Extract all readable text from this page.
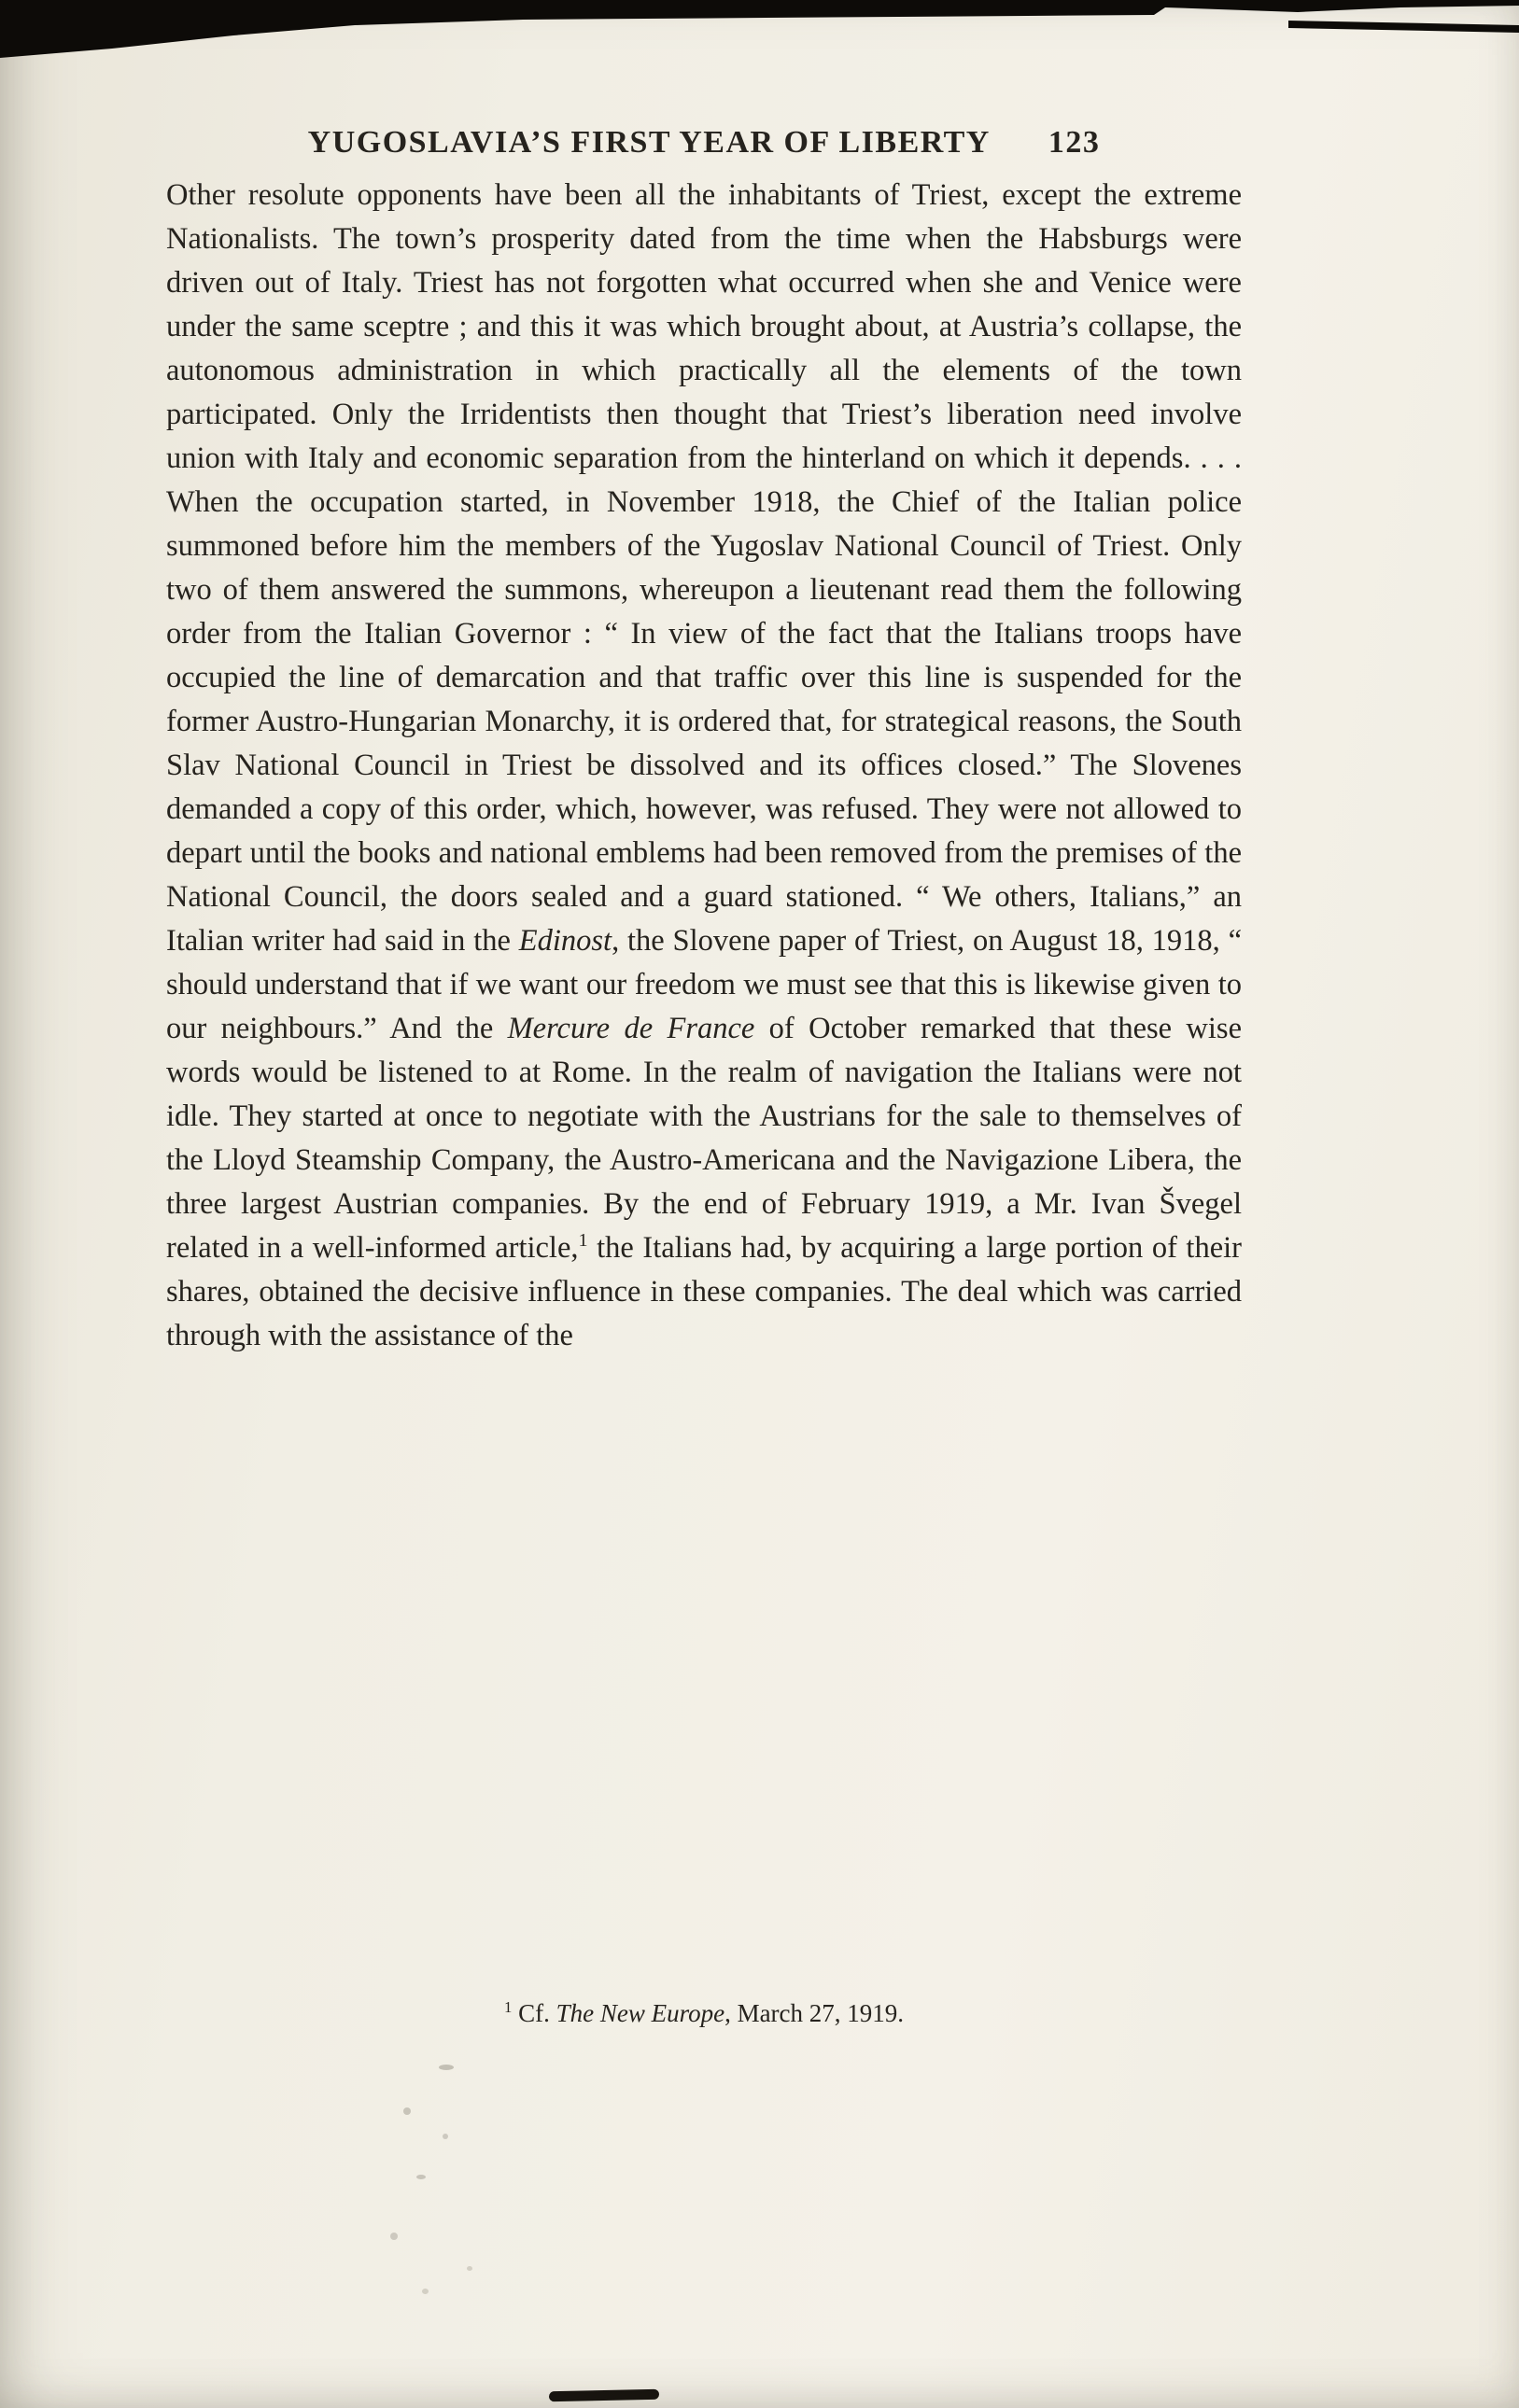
YUGOSLAVIA’S FIRST YEAR OF LIBERTY 123

Other resolute opponents have been all the inhabitants of Triest, except the extreme Nationalists. The town’s prosperity dated from the time when the Habsburgs were driven out of Italy. Triest has not forgotten what occurred when she and Venice were under the same sceptre ; and this it was which brought about, at Austria’s collapse, the autonomous administration in which practically all the elements of the town participated. Only the Irridentists then thought that Triest’s liberation need involve union with Italy and economic separation from the hinterland on which it depends. . . . When the occupation started, in November 1918, the Chief of the Italian police summoned before him the members of the Yugoslav National Council of Triest. Only two of them answered the summons, whereupon a lieutenant read them the following order from the Italian Governor : “ In view of the fact that the Italians troops have occupied the line of demarcation and that traffic over this line is suspended for the former Austro-Hungarian Monarchy, it is ordered that, for strategical reasons, the South Slav National Council in Triest be dissolved and its offices closed.” The Slovenes demanded a copy of this order, which, however, was refused. They were not allowed to depart until the books and national emblems had been removed from the premises of the National Council, the doors sealed and a guard stationed. “ We others, Italians,” an Italian writer had said in the Edinost, the Slovene paper of Triest, on August 18, 1918, “ should understand that if we want our freedom we must see that this is likewise given to our neighbours.” And the Mercure de France of October remarked that these wise words would be listened to at Rome. In the realm of navigation the Italians were not idle. They started at once to negotiate with the Austrians for the sale to themselves of the Lloyd Steamship Company, the Austro-Americana and the Navigazione Libera, the three largest Austrian companies. By the end of February 1919, a Mr. Ivan Švegel related in a well-informed article,$^1$ the Italians had, by acquiring a large portion of their shares, obtained the decisive influence in these companies. The deal which was carried through with the assistance of the

$^1$ Cf. The New Europe, March 27, 1919.
